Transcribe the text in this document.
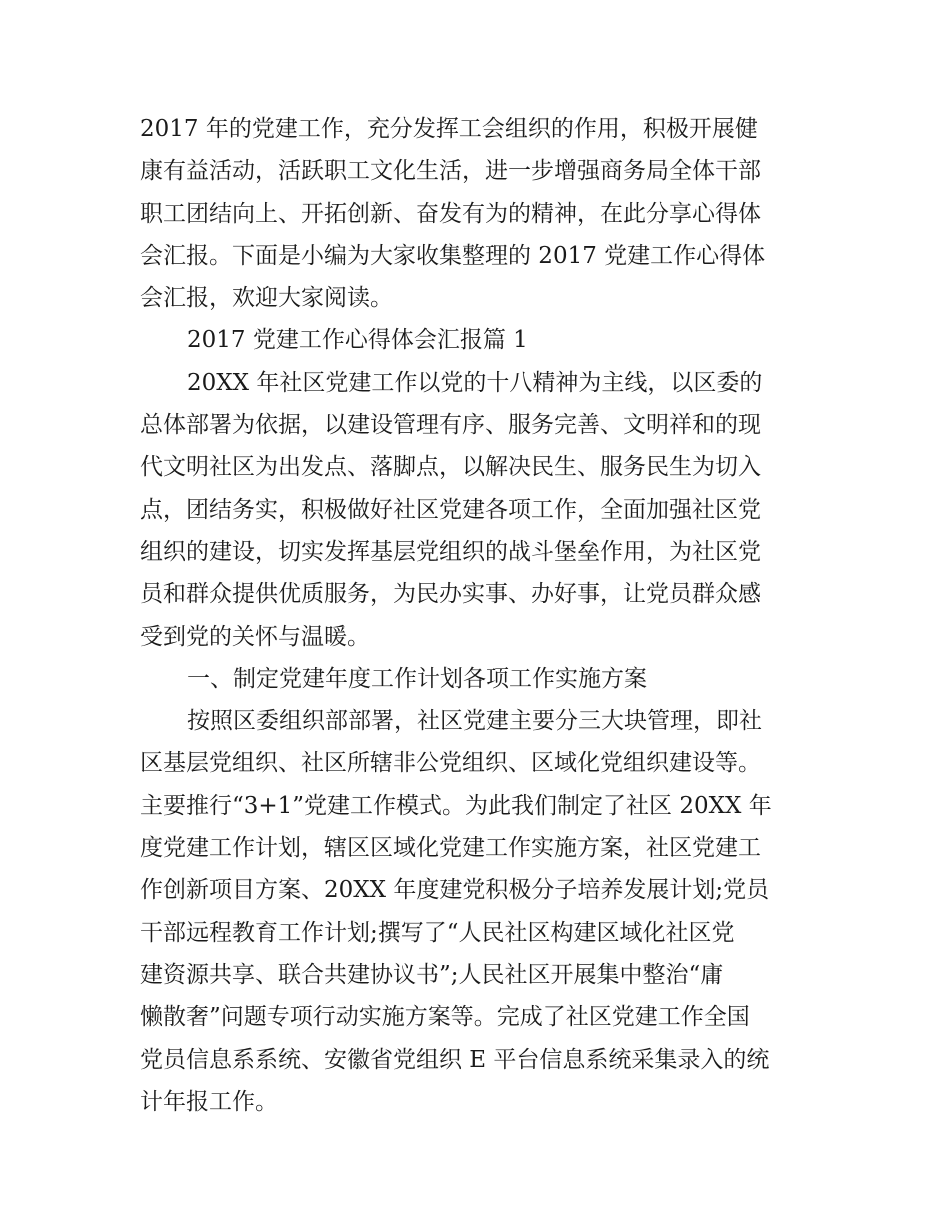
2017 年的党建工作，充分发挥工会组织的作用，积极开展健
康有益活动，活跃职工文化生活，进一步增强商务局全体干部
职工团结向上、开拓创新、奋发有为的精神，在此分享心得体
会汇报。下面是小编为大家收集整理的 2017 党建工作心得体
会汇报，欢迎大家阅读。
2017 党建工作心得体会汇报篇 1
20XX 年社区党建工作以党的十八精神为主线，以区委的
总体部署为依据，以建设管理有序、服务完善、文明祥和的现
代文明社区为出发点、落脚点，以解决民生、服务民生为切入
点，团结务实，积极做好社区党建各项工作，全面加强社区党
组织的建设，切实发挥基层党组织的战斗堡垒作用，为社区党
员和群众提供优质服务，为民办实事、办好事，让党员群众感
受到党的关怀与温暖。
一、制定党建年度工作计划各项工作实施方案
按照区委组织部部署，社区党建主要分三大块管理，即社
区基层党组织、社区所辖非公党组织、区域化党组织建设等。
主要推行“3+1”党建工作模式。为此我们制定了社区 20XX 年
度党建工作计划，辖区区域化党建工作实施方案，社区党建工
作创新项目方案、20XX 年度建党积极分子培养发展计划;党员
干部远程教育工作计划;撰写了“人民社区构建区域化社区党
建资源共享、联合共建协议书”;人民社区开展集中整治“庸
懒散奢”问题专项行动实施方案等。完成了社区党建工作全国
党员信息系系统、安徽省党组织 E 平台信息系统采集录入的统
计年报工作。
